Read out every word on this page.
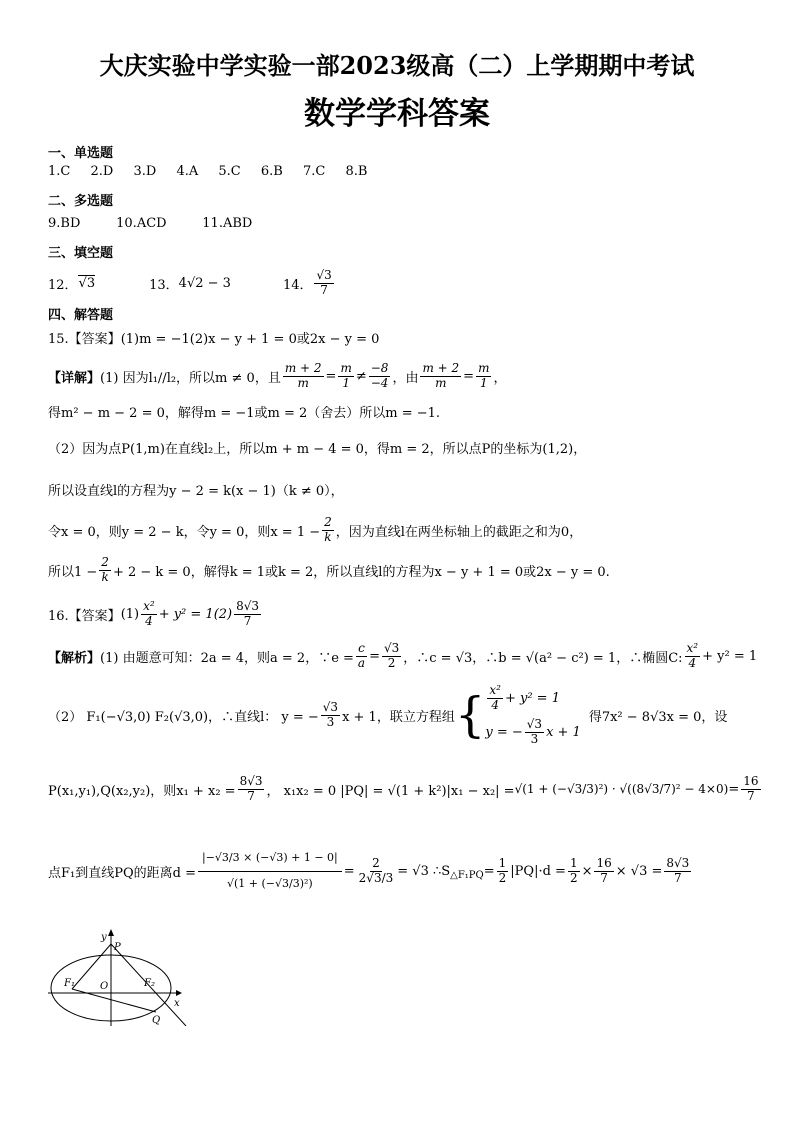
大庆实验中学实验一部2023级高（二）上学期期中考试
数学学科答案
一、单选题
1.C 2.D 3.D 4.A 5.C 6.B 7.C 8.B
二、多选题
9.BD	10.ACD	11.ABD
三、填空题
12．
√ 3	13． 4√2 − 3	14． $\frac{√3}{7}$
四、解答题
15.【答案】(1)m = −1(2)x − y + 1 = 0或2x − y = 0
【详解】 (1) 因为l₁//l₂，所以m ≠ 0，且 $\frac{m + 2}{m} = \frac{m}{1} \ne \frac{-8}{-4}$ ，由 $\frac{m + 2}{m} = \frac{m}{1}$ ，
得m² − m − 2 = 0，解得m = −1或m = 2（舍去）所以m = −1.
（2）因为点P(1,m)在直线l₂上，所以m + m − 4 = 0，得m = 2，所以点P的坐标为(1,2)，
所以设直线l的方程为y − 2 = k(x − 1)（k ≠ 0），
令x = 0，则y = 2 − k，令y = 0，则$x = 1 - \frac{2}{k}$ ，因为直线l在两坐标轴上的截距之和为0，
所以$1 - \frac{2}{k} + 2 - k = 0$，解得k = 1或k = 2，所以直线l的方程为x − y + 1 = 0或2x − y = 0.
16.【答案】 $(1) \frac{\text{x²}}{4} + y^2 = 1(2) \frac{8√3}{7}$
【解析】 (1) 由题意可知：2a = 4，则a = 2，∵e = $\frac{c}{a} = \frac{√3}{2}$ ，∴c = √3，∴b = √(a² − c²) = 1，∴椭圆C: $\frac{\text{x²}}{4} + y^2 = 1$
（2） F₁(−√3,0) F₂(√3,0)，∴直线l： y = − $\frac{√3}{3}$ x + 1，联立方程组 { $\frac{\text{x²}}{4} + y^2 = 1$
y = − $\frac{√3}{3}$ x + 1
得7x² − 8√3x = 0，设
P(x₁,y₁),Q(x₂,y₂)，则$x_1 + x_2 = \frac{8√3}{7}$ ， x₁x₂ = 0 $|PQ| = √(1 + k^2)|x_1 - x_2| = √(1 + (-√3/3)^2) \cdot √((8√3/7)^2 - 4\times 0) = \frac{16}{7}$
点F₁到直线PQ的距离$d = \frac{|-√3/3 \times (-√3) + 1 - 0|}{\text{√(1 + (−√3/3)²)}} = \frac{2}{2√3/3} = √3$ ∴S △F₁PQ = $\frac{1}{2} |PQ|\cdot d = \frac{1}{2} \times \frac{16}{7} \times √3 = \frac{8√3}{7}$
y
P
F₁	O	F₂
x
Q
